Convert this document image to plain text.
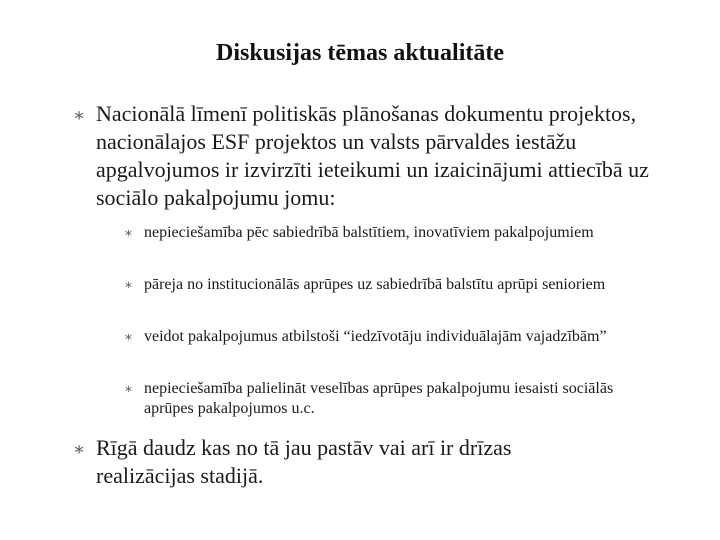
Diskusijas tēmas aktualitāte
∗ Nacionālā līmenī politiskās plānošanas dokumentu projektos, nacionālajos ESF projektos un valsts pārvaldes iestāžu apgalvojumos ir izvirzīti ieteikumi un izaicinājumi attiecībā uz sociālo pakalpojumu jomu:
∗ nepieciešamība pēc sabiedrībā balstītiem, inovatīviem pakalpojumiem
∗ pāreja no institucionālās aprūpes uz sabiedrībā balstītu aprūpi senioriem
∗ veidot pakalpojumus atbilstoši “iedzīvotāju individuālajām vajadzībām”
∗ nepieciešamība palielināt veselības aprūpes pakalpojumu iesaisti sociālās aprūpes pakalpojumos u.c.
∗ Rīgā daudz kas no tā jau pastāv vai arī ir drīzas realizācijas stadijā.
